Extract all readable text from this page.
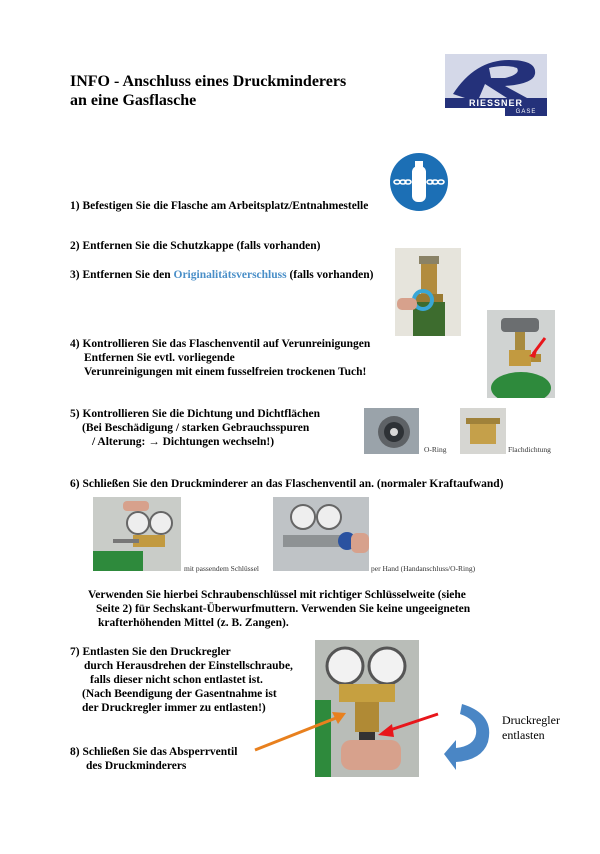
INFO - Anschluss eines Druckminderers
an eine Gasflasche	RIESSNER
GASE
1) Befestigen Sie die Flasche am Arbeitsplatz/Entnahmestelle
2) Entfernen Sie die Schutzkappe (falls vorhanden)
3) Entfernen Sie den Originalitätsverschluss (falls vorhanden)
4) Kontrollieren Sie das Flaschenventil auf Verunreinigungen
Entfernen Sie evtl. vorliegende
Verunreinigungen mit einem fusselfreien trockenen Tuch!
5) Kontrollieren Sie die Dichtung und Dichtflächen
(Bei Beschädigung / starken Gebrauchsspuren
/ Alterung: → Dichtungen wechseln!)
O-Ring	Flachdichtung
6) Schließen Sie den Druckminderer an das Flaschenventil an. (normaler Kraftaufwand)
mit passendem Schlüssel	per Hand (Handanschluss/O-Ring)
Verwenden Sie hierbei Schraubenschlüssel mit richtiger Schlüsselweite (siehe
Seite 2) für Sechskant-Überwurfmuttern. Verwenden Sie keine ungeeigneten
krafterhöhenden Mittel (z. B. Zangen).
7) Entlasten Sie den Druckregler
durch Herausdrehen der Einstellschraube,
falls dieser nicht schon entlastet ist.
(Nach Beendigung der Gasentnahme ist
der Druckregler immer zu entlasten!)
8) Schließen Sie das Absperrventil
des Druckminderers
Druckregler
entlasten
